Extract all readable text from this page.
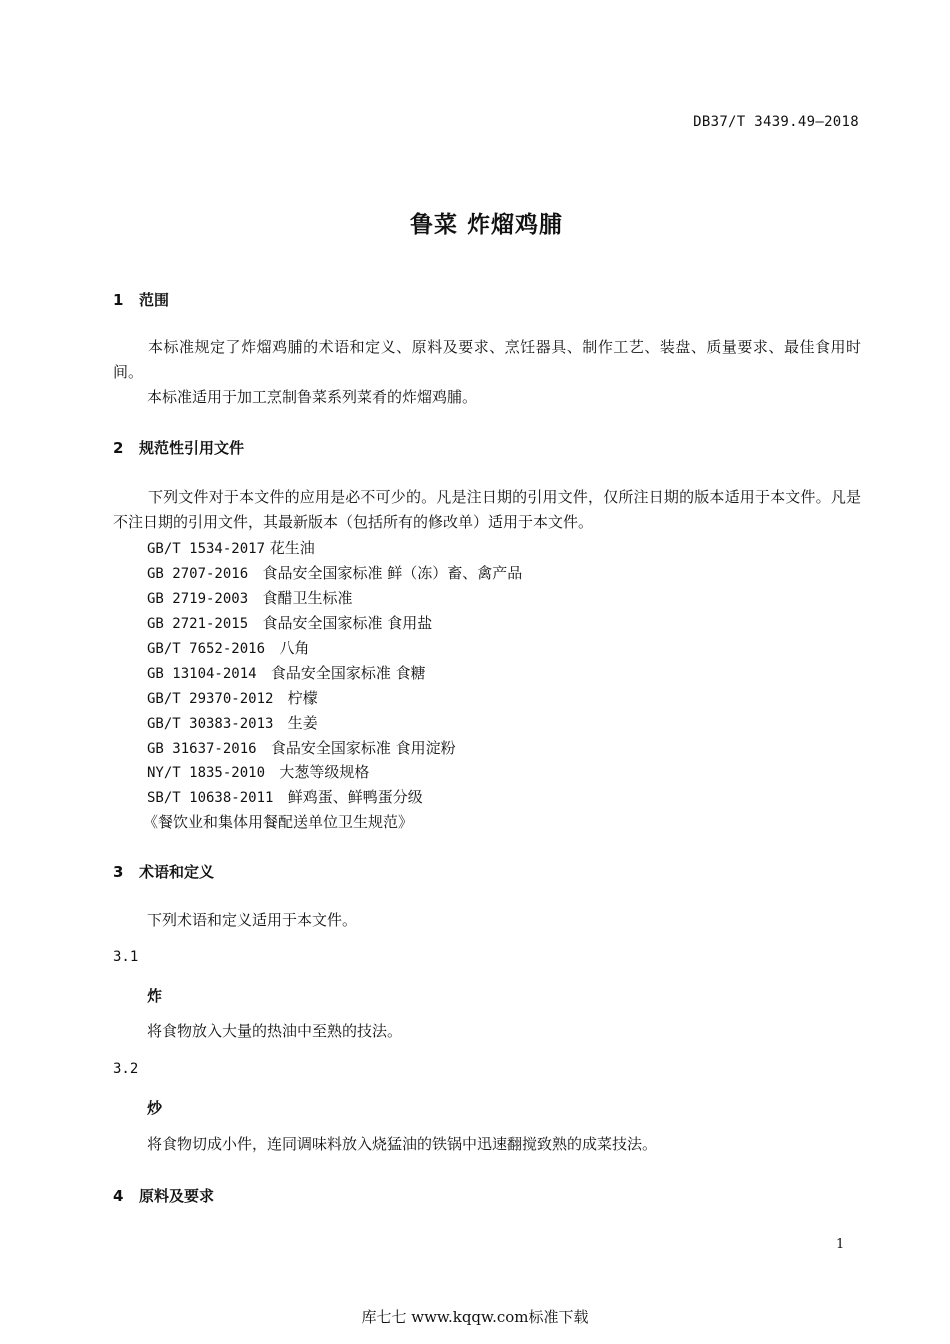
DB37/T 3439.49—2018
鲁菜 炸熘鸡脯
1 范围
本标准规定了炸熘鸡脯的术语和定义、原料及要求、烹饪器具、制作工艺、装盘、质量要求、最佳食用时间。
本标准适用于加工烹制鲁菜系列菜肴的炸熘鸡脯。
2 规范性引用文件
下列文件对于本文件的应用是必不可少的。凡是注日期的引用文件，仅所注日期的版本适用于本文件。凡是不注日期的引用文件，其最新版本（包括所有的修改单）适用于本文件。
GB/T 1534-2017 花生油
GB 2707-2016 食品安全国家标准 鲜（冻）畜、禽产品
GB 2719-2003 食醋卫生标准
GB 2721-2015 食品安全国家标准 食用盐
GB/T 7652-2016 八角
GB 13104-2014 食品安全国家标准 食糖
GB/T 29370-2012 柠檬
GB/T 30383-2013 生姜
GB 31637-2016 食品安全国家标准 食用淀粉
NY/T 1835-2010 大葱等级规格
SB/T 10638-2011 鲜鸡蛋、鲜鸭蛋分级
《餐饮业和集体用餐配送单位卫生规范》
3 术语和定义
下列术语和定义适用于本文件。
3.1
炸
将食物放入大量的热油中至熟的技法。
3.2
炒
将食物切成小件，连同调味料放入烧猛油的铁锅中迅速翻搅致熟的成菜技法。
4 原料及要求
1
库七七 www.kqqw.com标准下载
